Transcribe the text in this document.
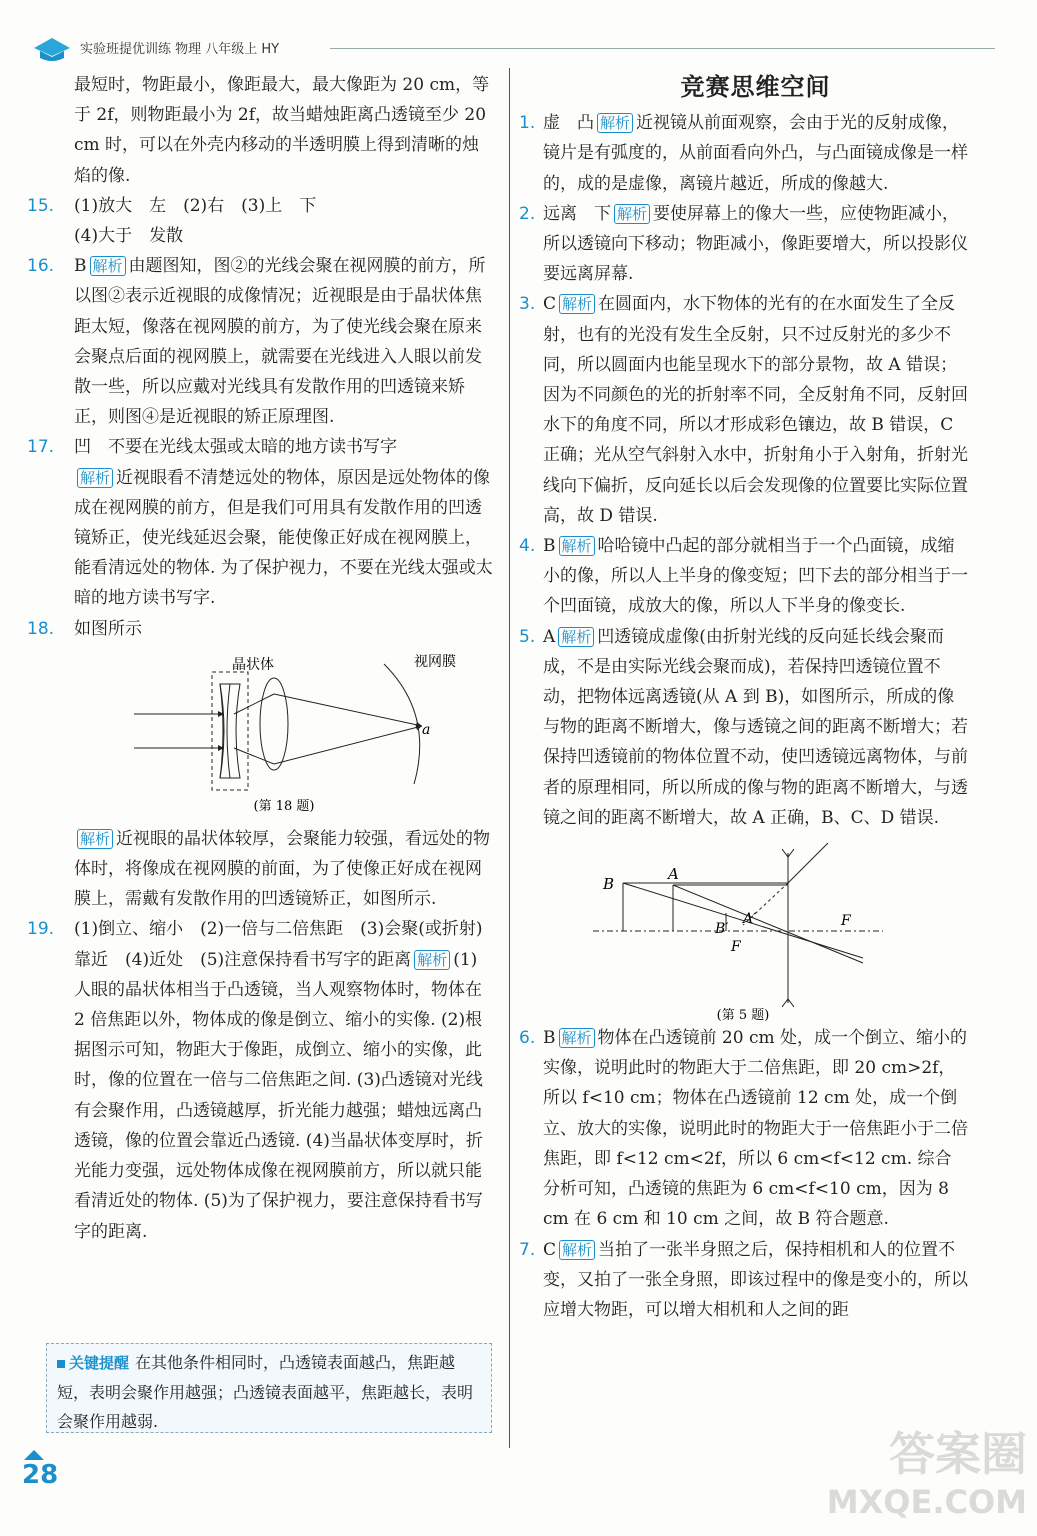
实验班提优训练 物理 八年级上 HY

最短时，物距最小，像距最大，最大像距为 20 cm，等于 2f，则物距最小为 2f，故当蜡烛距离凸透镜至少 20 cm 时，可以在外壳内移动的半透明膜上得到清晰的烛焰的像.

15.	(1)放大　左　(2)右　(3)上　下

(4)大于　发散

16.	B 解析 由题图知，图②的光线会聚在视网膜的前方，所以图②表示近视眼的成像情况；近视眼是由于晶状体焦距太短，像落在视网膜的前方，为了使光线会聚在原来会聚点后面的视网膜上，就需要在光线进入人眼以前发散一些，所以应戴对光线具有发散作用的凹透镜来矫正，则图④是近视眼的矫正原理图.

17.	凹　不要在光线太强或太暗的地方读书写字

解析 近视眼看不清楚远处的物体，原因是远处物体的像成在视网膜的前方，但是我们可用具有发散作用的凹透镜矫正，使光线延迟会聚，能使像正好成在视网膜上，能看清远处的物体. 为了保护视力，不要在光线太强或太暗的地方读书写字.

18.	如图所示

晶状体	视网膜
a
(第 18 题)

解析 近视眼的晶状体较厚，会聚能力较强，看远处的物体时，将像成在视网膜的前面，为了使像正好成在视网膜上，需戴有发散作用的凹透镜矫正，如图所示.

19.	(1)倒立、缩小　(2)一倍与二倍焦距　(3)会聚(或折射)　靠近　(4)近处　(5)注意保持看书写字的距离 解析 (1)人眼的晶状体相当于凸透镜，当人观察物体时，物体在 2 倍焦距以外，物体成的像是倒立、缩小的实像. (2)根据图示可知，物距大于像距，成倒立、缩小的实像，此时，像的位置在一倍与二倍焦距之间. (3)凸透镜对光线有会聚作用，凸透镜越厚，折光能力越强；蜡烛远离凸透镜，像的位置会靠近凸透镜. (4)当晶状体变厚时，折光能力变强，远处物体成像在视网膜前方，所以就只能看清近处的物体. (5)为了保护视力，要注意保持看书写字的距离.

关键提醒 在其他条件相同时，凸透镜表面越凸，焦距越短，表明会聚作用越强；凸透镜表面越平，焦距越长，表明会聚作用越弱.
竞赛思维空间
1. 虚　凸 解析 近视镜从前面观察，会由于光的反射成像，镜片是有弧度的，从前面看向外凸，与凸面镜成像是一样的，成的是虚像，离镜片越近，所成的像越大.

2. 远离　下 解析 要使屏幕上的像大一些，应使物距减小，所以透镜向下移动；物距减小，像距要增大，所以投影仪要远离屏幕.

3. C 解析 在圆面内，水下物体的光有的在水面发生了全反射，也有的光没有发生全反射，只不过反射光的多少不同，所以圆面内也能呈现水下的部分景物，故 A 错误；因为不同颜色的光的折射率不同，全反射角不同，反射回水下的角度不同，所以才形成彩色镶边，故 B 错误，C 正确；光从空气斜射入水中，折射角小于入射角，折射光线向下偏折，反向延长以后会发现像的位置要比实际位置高，故 D 错误.

4. B 解析 哈哈镜中凸起的部分就相当于一个凸面镜，成缩小的像，所以人上半身的像变短；凹下去的部分相当于一个凹面镜，成放大的像，所以人下半身的像变长.

5. A 解析 凹透镜成虚像(由折射光线的反向延长线会聚而成，不是由实际光线会聚而成)，若保持凹透镜位置不动，把物体远离透镜(从 A 到 B)，如图所示，所成的像与物的距离不断增大，像与透镜之间的距离不断增大；若保持凹透镜前的物体位置不动，使凹透镜远离物体，与前者的原理相同，所以所成的像与物的距离不断增大，与透镜之间的距离不断增大，故 A 正确，B、C、D 错误.

B
A
B′
A′
F
F
(第 5 题)
6. B 解析 物体在凸透镜前 20 cm 处，成一个倒立、缩小的实像，说明此时的物距大于二倍焦距，即 20 cm>2f，所以 f<10 cm；物体在凸透镜前 12 cm 处，成一个倒立、放大的实像，说明此时的物距大于一倍焦距小于二倍焦距，即 f<12 cm<2f，所以 6 cm<f<12 cm. 综合分析可知，凸透镜的焦距为 6 cm<f<10 cm，因为 8 cm 在 6 cm 和 10 cm 之间，故 B 符合题意.

7. C 解析 当拍了一张半身照之后，保持相机和人的位置不变，又拍了一张全身照，即该过程中的像是变小的，所以应增大物距，可以增大相机和人之间的距

28	答案圈
MXQE.COM
